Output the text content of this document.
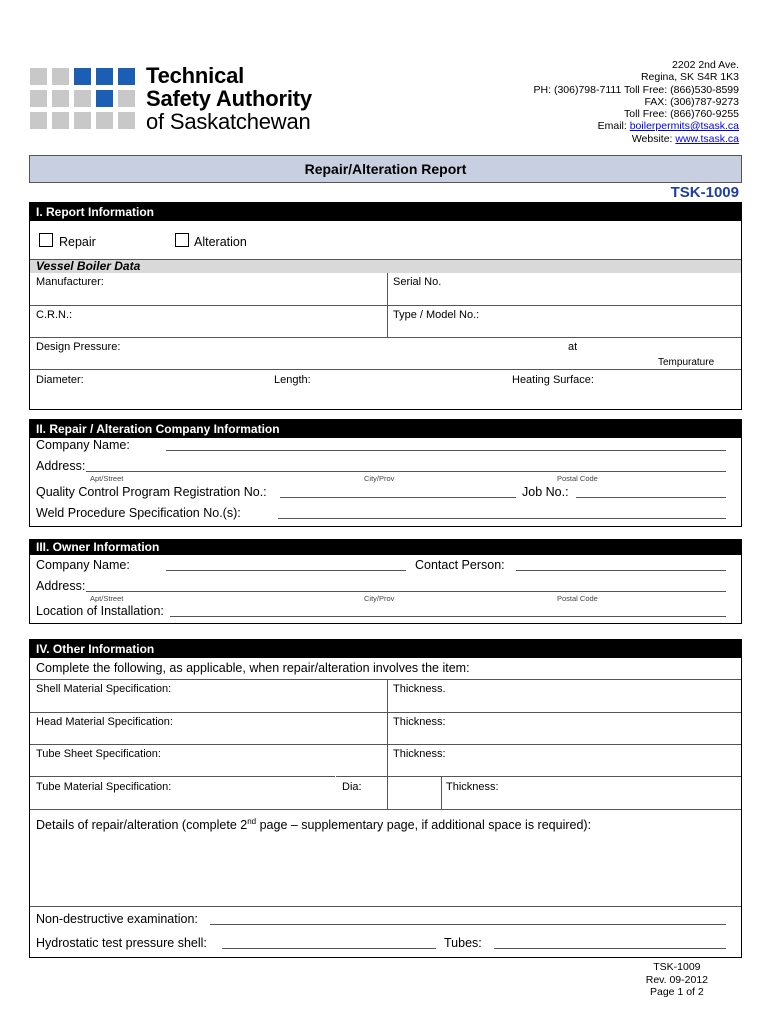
Technical
Safety Authority
of Saskatchewan
2202 2nd Ave.
Regina, SK S4R 1K3
PH: (306)798-7111 Toll Free: (866)530-8599
FAX: (306)787-9273
Toll Free: (866)760-9255
Email: boilerpermits@tsask.ca
Website: www.tsask.ca
Repair/Alteration Report
TSK-1009
I. Report Information
Repair	Alteration
Vessel Boiler Data
Manufacturer:	Serial No.
C.R.N.:	Type / Model No.:
Design Pressure:	at
Tempurature
Diameter:	Length:	Heating Surface:
II. Repair / Alteration Company Information
Company Name:
Address:
Apt/Street	City/Prov	Postal Code
Quality Control Program Registration No.:	Job No.:
Weld Procedure Specification No.(s):
III. Owner Information
Company Name:	Contact Person:
Address:
Apt/Street	City/Prov	Postal Code
Location of Installation:
IV. Other Information
Complete the following, as applicable, when repair/alteration involves the item:
Shell Material Specification:	Thickness.
Head Material Specification:	Thickness:
Tube Sheet Specification:	Thickness:
Tube Material Specification:	Dia:	Thickness:
Details of repair/alteration (complete 2nd page – supplementary page, if additional space is required):
Non-destructive examination:
Hydrostatic test pressure shell:	Tubes:
TSK-1009
Rev. 09-2012
Page 1 of 2
